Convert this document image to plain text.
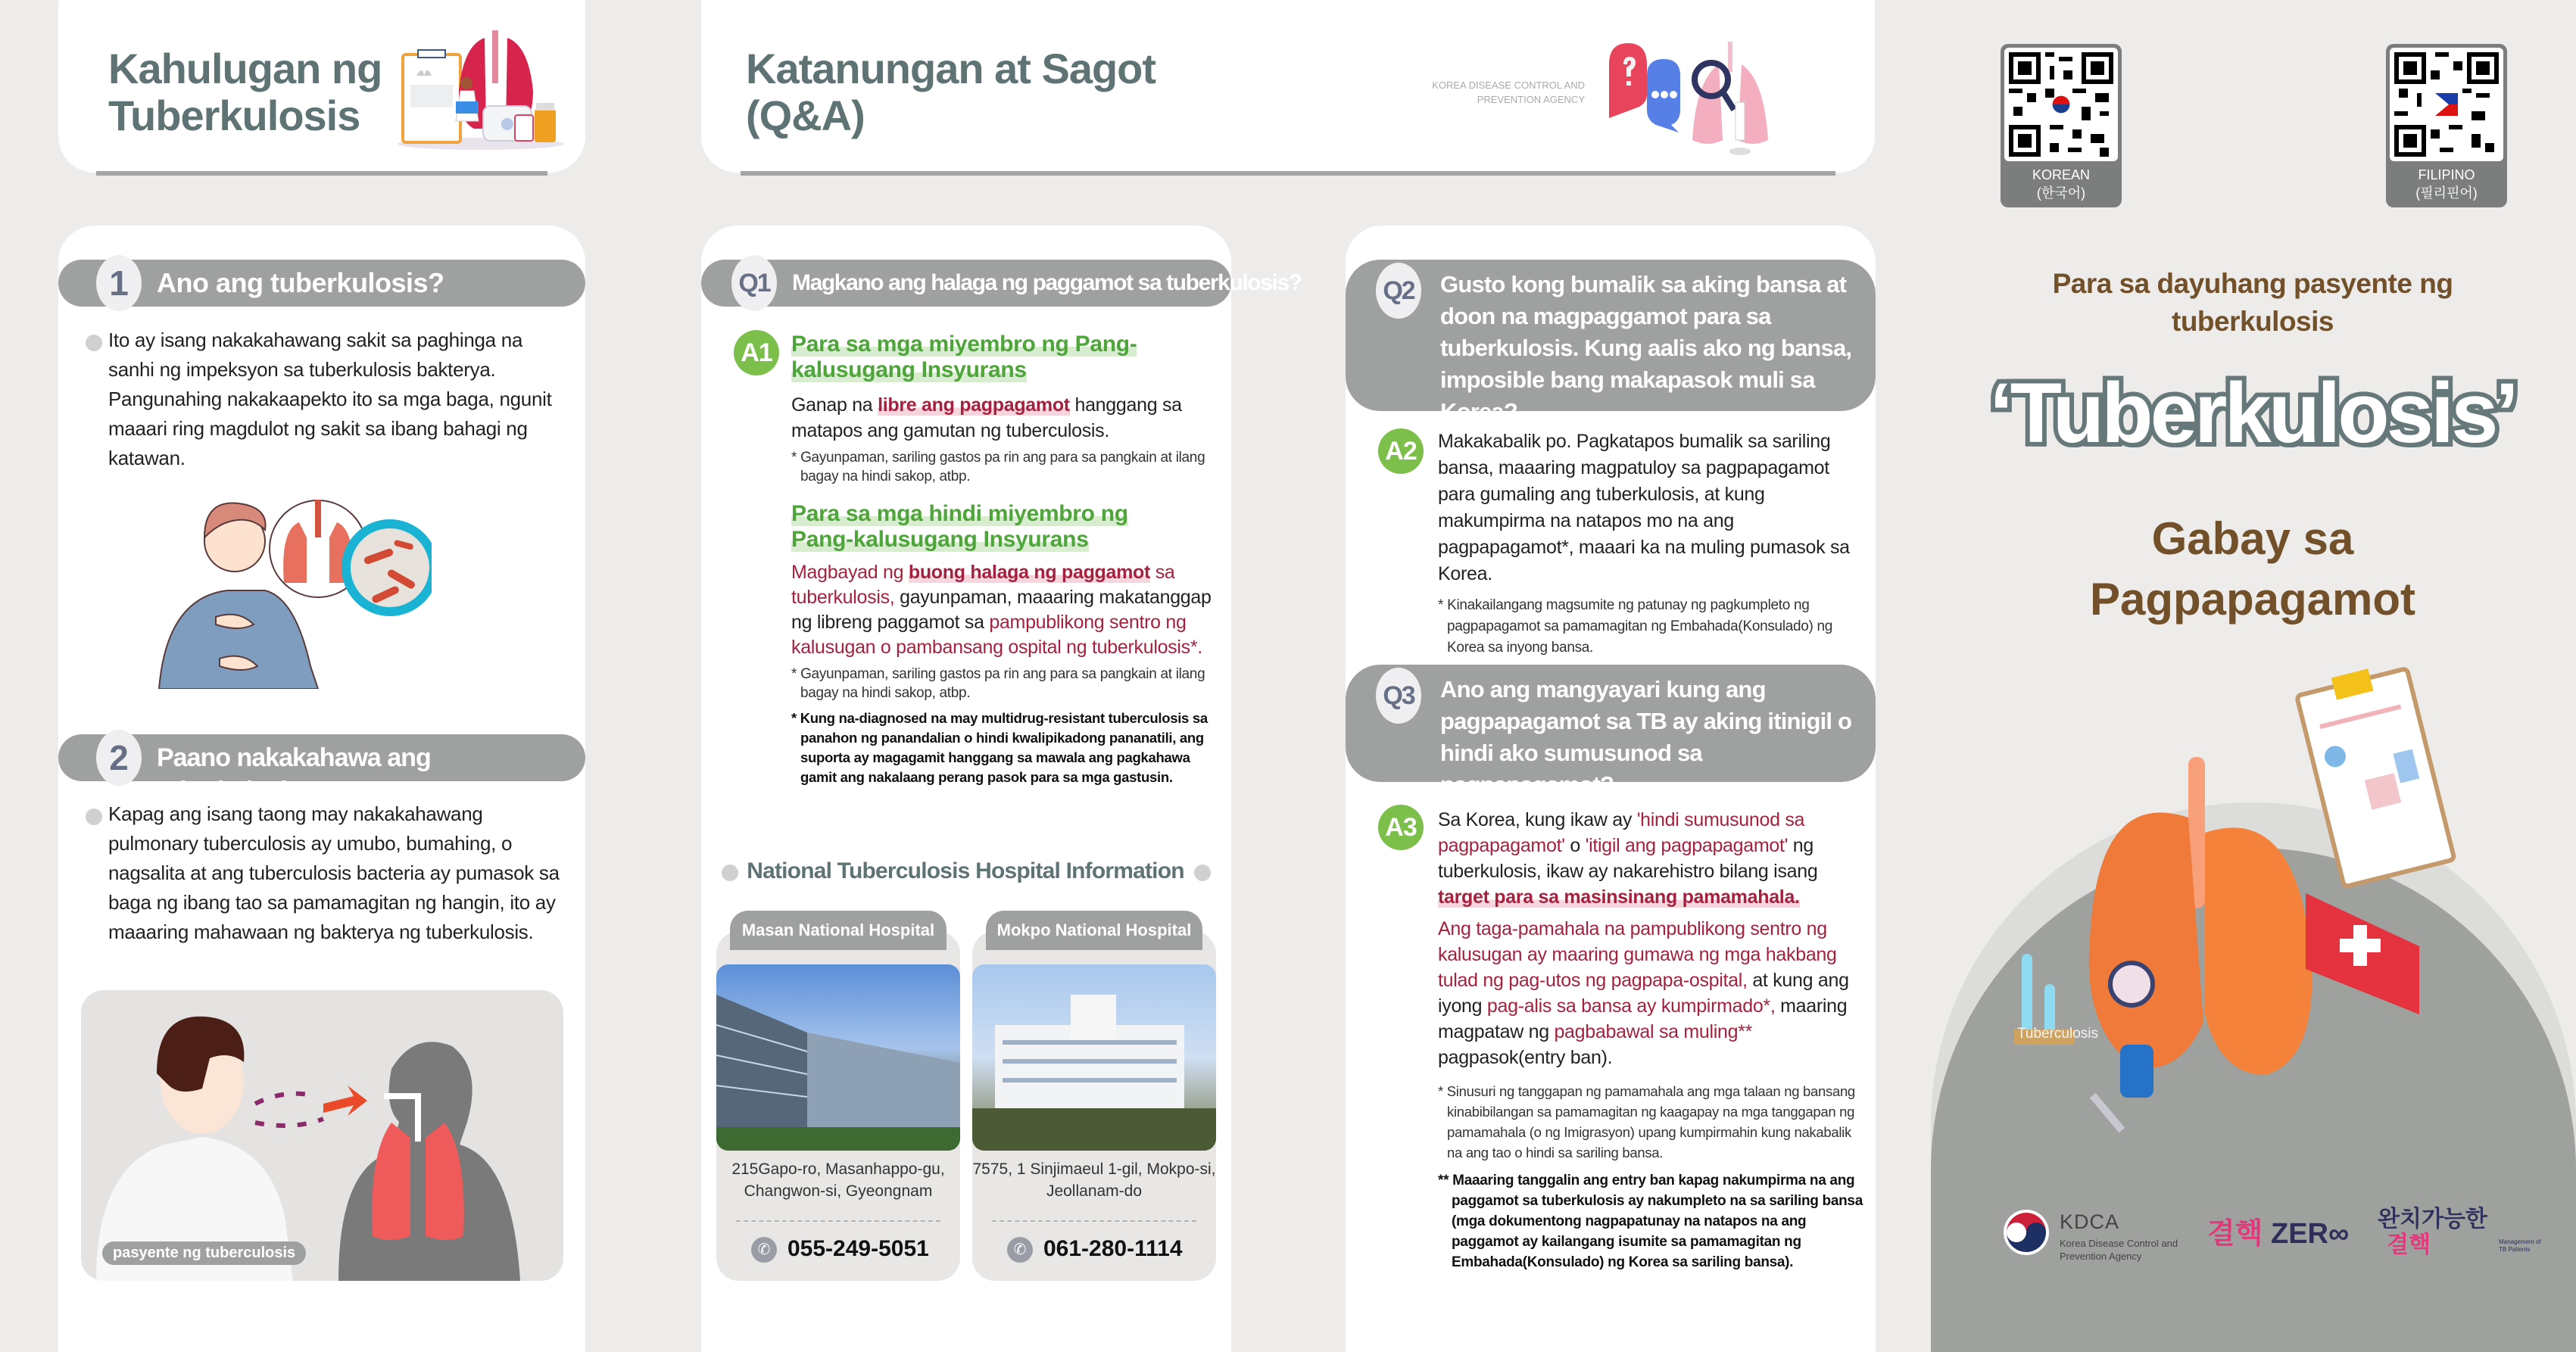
Kahulugan ng
Tuberkulosis
1	Ano ang tuberkulosis?
Ito ay isang nakakahawang sakit sa paghinga na sanhi ng impeksyon sa tuberkulosis bakterya. Pangunahing nakakaapekto ito sa mga baga, ngunit maaari ring magdulot ng sakit sa ibang bahagi ng katawan.
2	Paano nakakahawa ang tuberkulosis?
Kapag ang isang taong may nakakahawang pulmonary tuberculosis ay umubo, bumahing, o nagsalita at ang tuberculosis bacteria ay pumasok sa baga ng ibang tao sa pamamagitan ng hangin, ito ay maaaring mahawaan ng bakterya ng tuberkulosis.
pasyente ng tuberculosis
Katanungan at Sagot
(Q&A)
KOREA DISEASE CONTROL AND
PREVENTION AGENCY
Q1 Magkano ang halaga ng paggamot sa tuberkulosis?
A1 Para sa mga miyembro ng Pang-kalusugang Insyurans
Ganap na libre ang pagpagamot hanggang sa matapos ang gamutan ng tuberculosis.
* Gayunpaman, sariling gastos pa rin ang para sa pangkain at ilang bagay na hindi sakop, atbp.
Para sa mga hindi miyembro ng Pang-kalusugang Insyurans
Magbayad ng buong halaga ng paggamot sa tuberkulosis, gayunpaman, maaaring makatanggap ng libreng paggamot sa pampublikong sentro ng kalusugan o pambansang ospital ng tuberkulosis*.
* Gayunpaman, sariling gastos pa rin ang para sa pangkain at ilang bagay na hindi sakop, atbp.
* Kung na-diagnosed na may multidrug-resistant tuberculosis sa panahon ng panandalian o hindi kwalipikadong pananatili, ang suporta ay magagamit hanggang sa mawala ang pagkahawa gamit ang nakalaang perang pasok para sa mga gastusin.
National Tuberculosis Hospital Information
Masan National Hospital
215Gapo-ro, Masanhappo-gu,
Changwon-si, Gyeongnam
✆ 055-249-5051
Mokpo National Hospital
7575, 1 Sinjimaeul 1-gil, Mokpo-si,
Jeollanam-do
✆ 061-280-1114
Q2	Gusto kong bumalik sa aking bansa at doon na magpaggamot para sa tuberkulosis. Kung aalis ako ng bansa, imposible bang makapasok muli sa Korea?
Makakabalik po. Pagkatapos bumalik sa sariling bansa, maaaring magpatuloy sa pagpapagamot para gumaling ang tuberkulosis, at kung makumpirma na natapos mo na ang pagpapagamot*, maaari ka na muling pumasok sa Korea.
* Kinakailangang magsumite ng patunay ng pagkumpleto ng pagpapagamot sa pamamagitan ng Embahada(Konsulado) ng Korea sa inyong bansa.
A2
Q3	Ano ang mangyayari kung ang pagpapagamot sa TB ay aking itinigil o hindi ako sumusunod sa pagpapagamot?
A3	Sa Korea, kung ikaw ay 'hindi sumusunod sa pagpapagamot' o 'itigil ang pagpapagamot' ng tuberkulosis, ikaw ay nakarehistro bilang isang target para sa masinsinang pamamahala.
Ang taga-pamahala na pampublikong sentro ng kalusugan ay maaring gumawa ng mga hakbang tulad ng pag-utos ng pagpapa-ospital, at kung ang iyong pag-alis sa bansa ay kumpirmado*, maaring magpataw ng pagbabawal sa muling** pagpasok(entry ban).
* Sinusuri ng tanggapan ng pamamahala ang mga talaan ng bansang kinabibilangan sa pamamagitan ng kaagapay na mga tanggapan ng pamamahala (o ng Imigrasyon) upang kumpirmahin kung nakabalik na ang tao o hindi sa sariling bansa.
** Maaaring tanggalin ang entry ban kapag nakumpirma na ang paggamot sa tuberkulosis ay nakumpleto na sa sariling bansa (mga dokumentong nagpapatunay na natapos na ang paggamot ay kailangang isumite sa pamamagitan ng Embahada(Konsulado) ng Korea sa sariling bansa).
KOREAN
(한국어)
FILIPINO
(필리핀어)
Para sa dayuhang pasyente ng
tuberkulosis
‘Tuberkulosis’
Gabay sa
Pagpapagamot
Tuberculosis
KDCA
Korea Disease Control and
Prevention Agency
결핵 ZER∞ 완치가능한
결핵	Management of
TB Patients
